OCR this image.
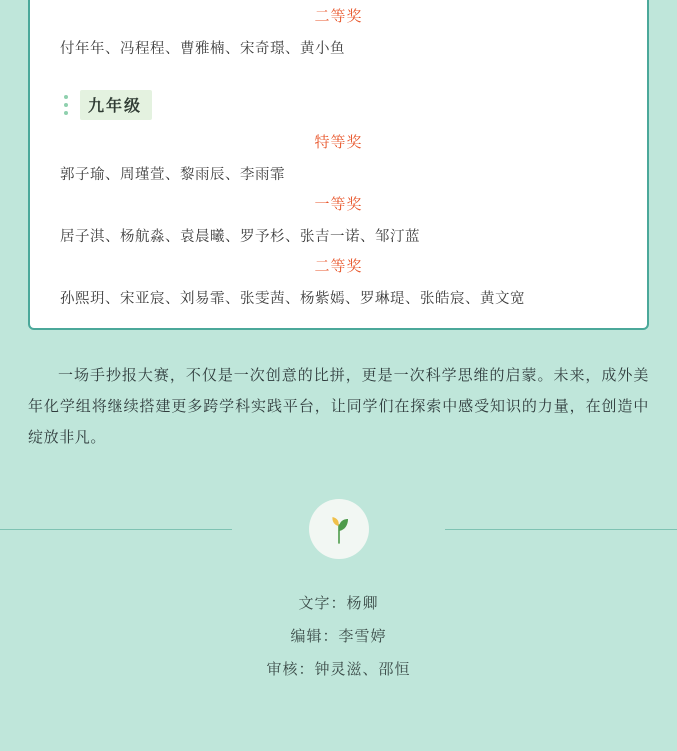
二等奖
付年年、冯程程、曹雅楠、宋奇璟、黄小鱼
九年级
特等奖
郭子瑜、周瑾萱、黎雨辰、李雨霏
一等奖
居子淇、杨航淼、袁晨曦、罗予杉、张吉一诺、邹汀蓝
二等奖
孙熙玥、宋亚宸、刘易霏、张雯茜、杨紫嫣、罗琳瑅、张皓宸、黄文宽

一场手抄报大赛，不仅是一次创意的比拼，更是一次科学思维的启蒙。未来，成外美年化学组将继续搭建更多跨学科实践平台，让同学们在探索中感受知识的力量，在创造中绽放非凡。

文字：杨卿
编辑：李雪婷
审核：钟灵滋、邵恒
